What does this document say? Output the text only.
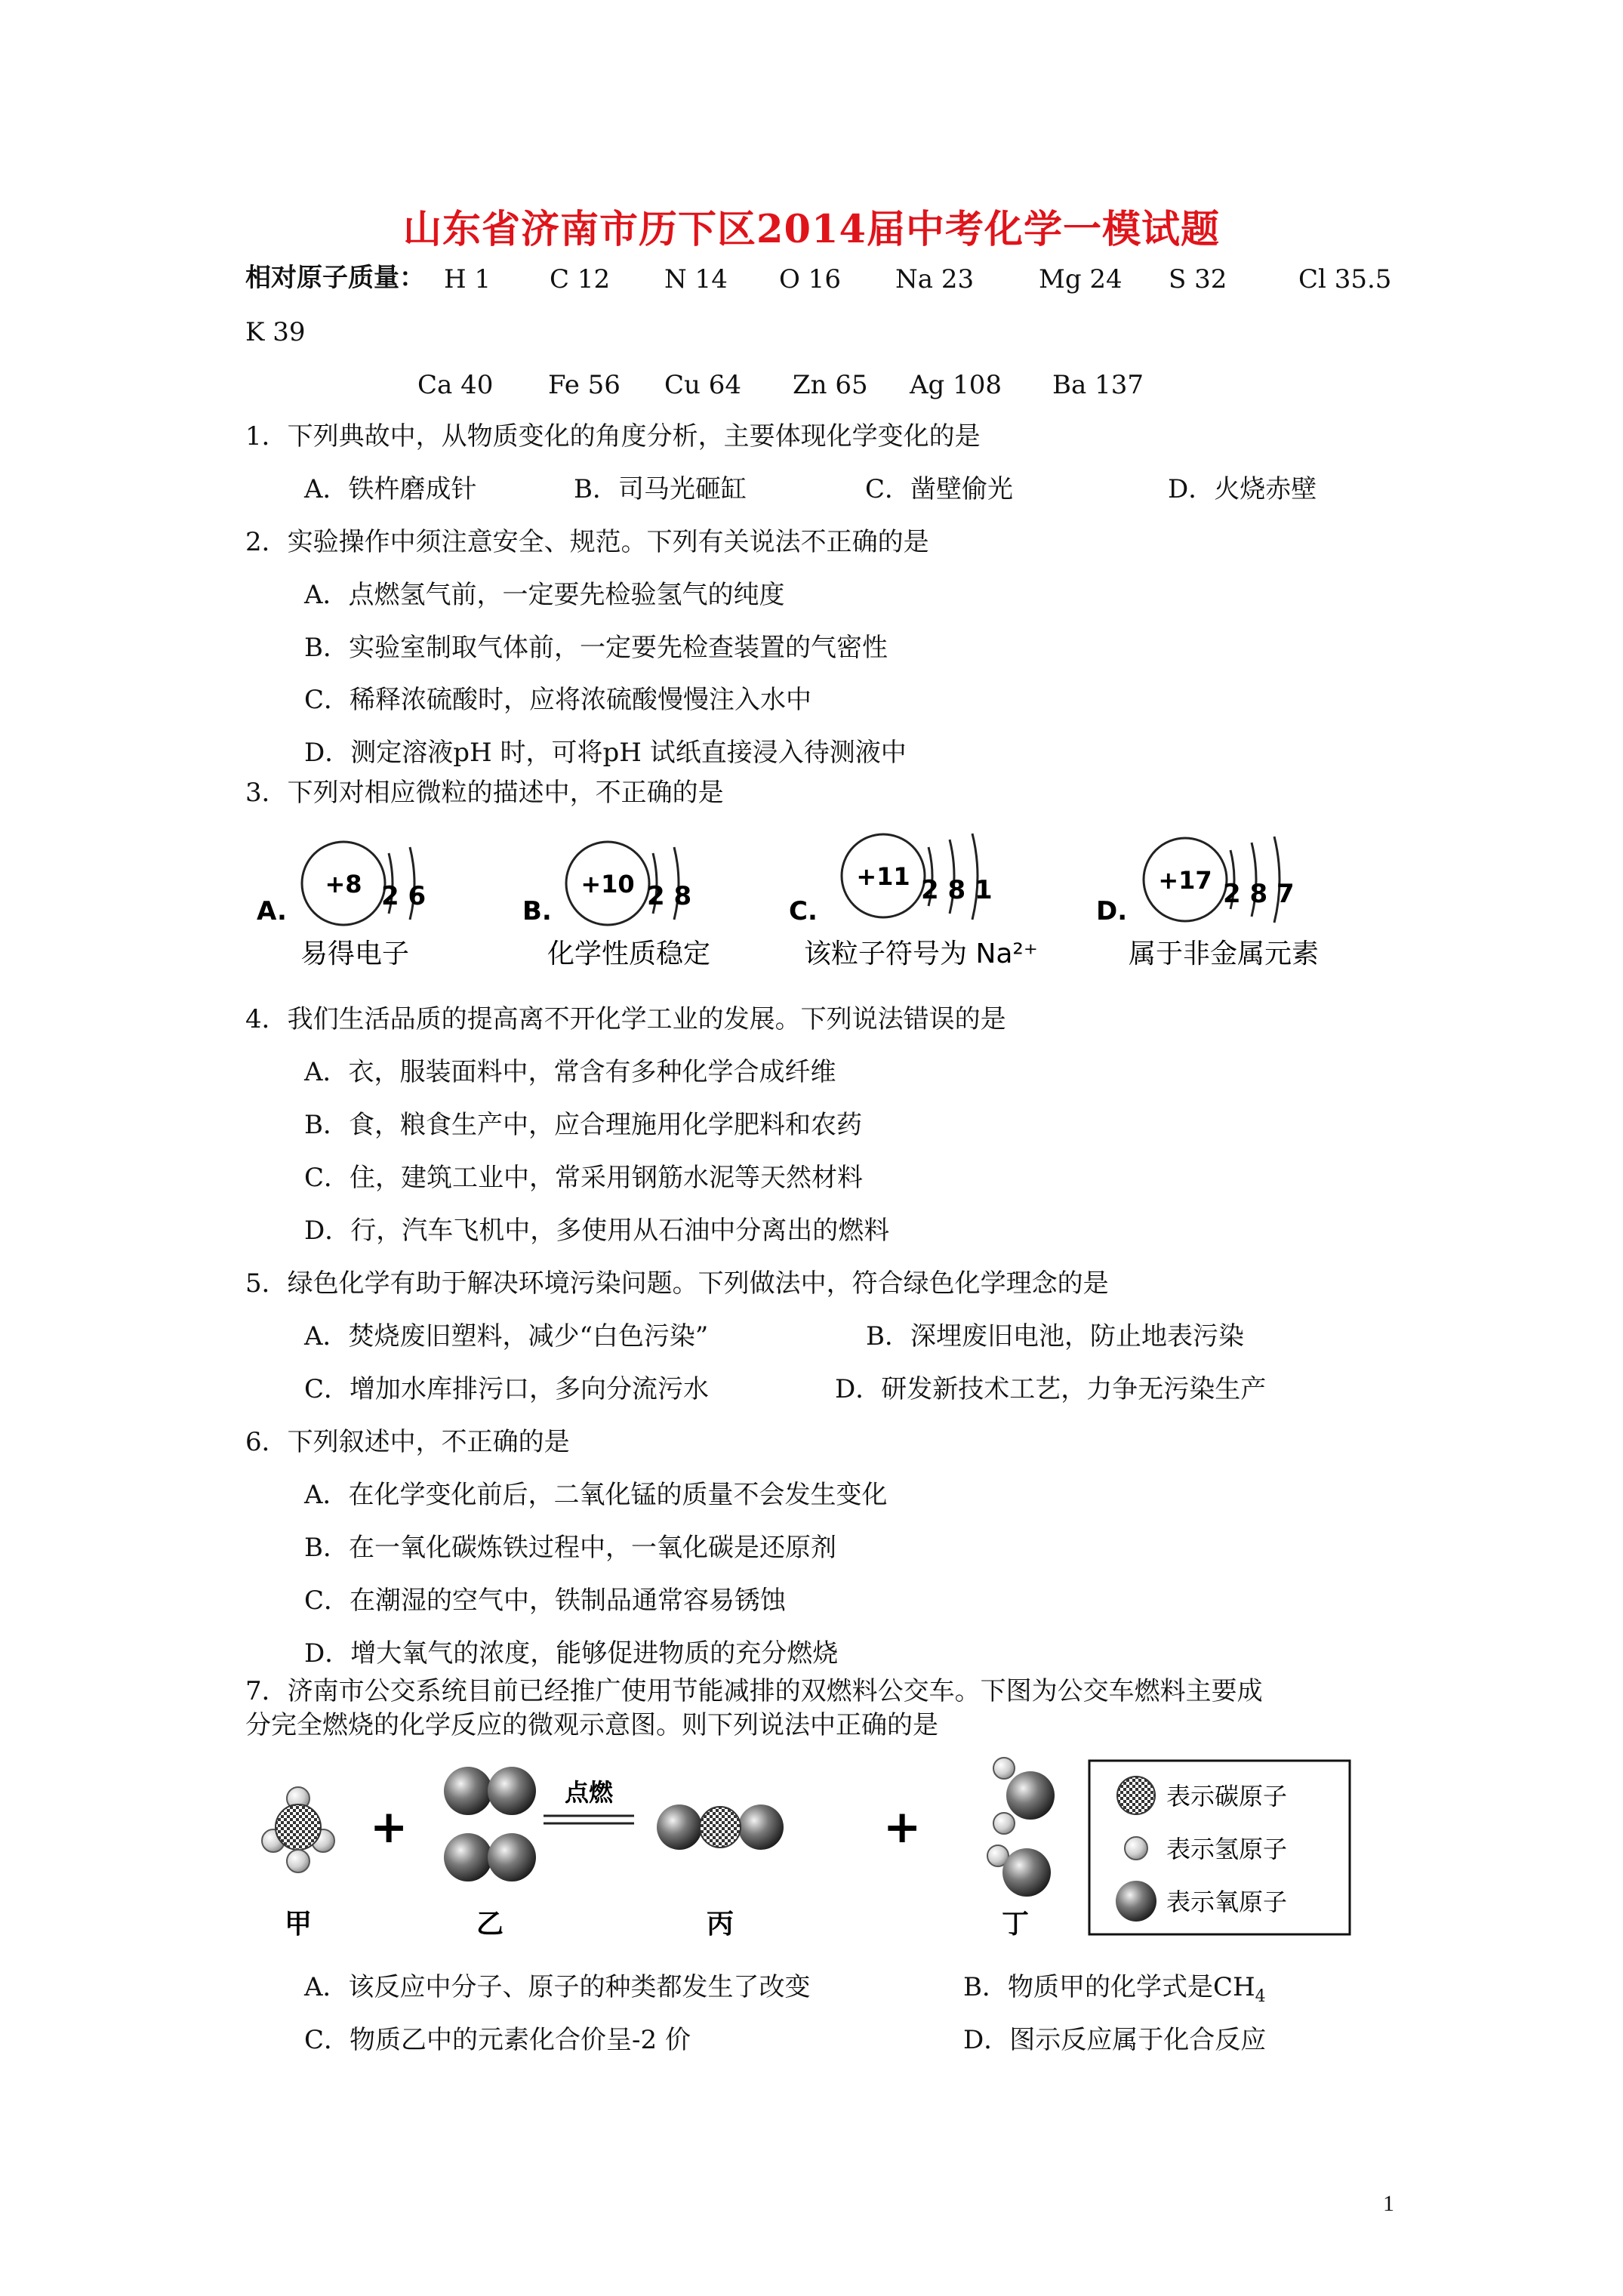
山东省济南市历下区2014届中考化学一模试题
相对原子质量： H 1 C 12 N 14 O 16 Na 23	Mg 24 S 32	Cl 35.5
K 39
Ca 40 Fe 56 Cu 64 Zn 65 Ag 108 Ba 137
1．下列典故中，从物质变化的角度分析，主要体现化学变化的是
A．铁杵磨成针	B．司马光砸缸	C．凿壁偷光	D．火烧赤壁
2．实验操作中须注意安全、规范。下列有关说法不正确的是
A．点燃氢气前，一定要先检验氢气的纯度
B．实验室制取气体前，一定要先检查装置的气密性
C．稀释浓硫酸时，应将浓硫酸慢慢注入水中
D．测定溶液pH 时，可将pH 试纸直接浸入待测液中
3．下列对相应微粒的描述中，不正确的是
A.
+8 2 6
易得电子
B.
+10 2 8
化学性质稳定
C.
+11 2 8 1
该粒子符号为 Na²⁺
D.
+17 2 8 7
属于非金属元素
4．我们生活品质的提高离不开化学工业的发展。下列说法错误的是
A．衣，服装面料中，常含有多种化学合成纤维
B．食，粮食生产中，应合理施用化学肥料和农药
C．住，建筑工业中，常采用钢筋水泥等天然材料
D．行，汽车飞机中，多使用从石油中分离出的燃料
5．绿色化学有助于解决环境污染问题。下列做法中，符合绿色化学理念的是
A．焚烧废旧塑料，减少“白色污染”	B．深埋废旧电池，防止地表污染
C．增加水库排污口，多向分流污水	D．研发新技术工艺，力争无污染生产
6．下列叙述中，不正确的是
A．在化学变化前后，二氧化锰的质量不会发生变化
B．在一氧化碳炼铁过程中，一氧化碳是还原剂
C．在潮湿的空气中，铁制品通常容易锈蚀
D．增大氧气的浓度，能够促进物质的充分燃烧
7．济南市公交系统目前已经推广使用节能减排的双燃料公交车。下图为公交车燃料主要成
分完全燃烧的化学反应的微观示意图。则下列说法中正确的是
+
点燃
+
甲	乙	丙	丁
表示碳原子
表示氢原子
表示氧原子
A．该反应中分子、原子的种类都发生了改变	B．物质甲的化学式是$CH_4$
C．物质乙中的元素化合价呈-2 价	D．图示反应属于化合反应
1
